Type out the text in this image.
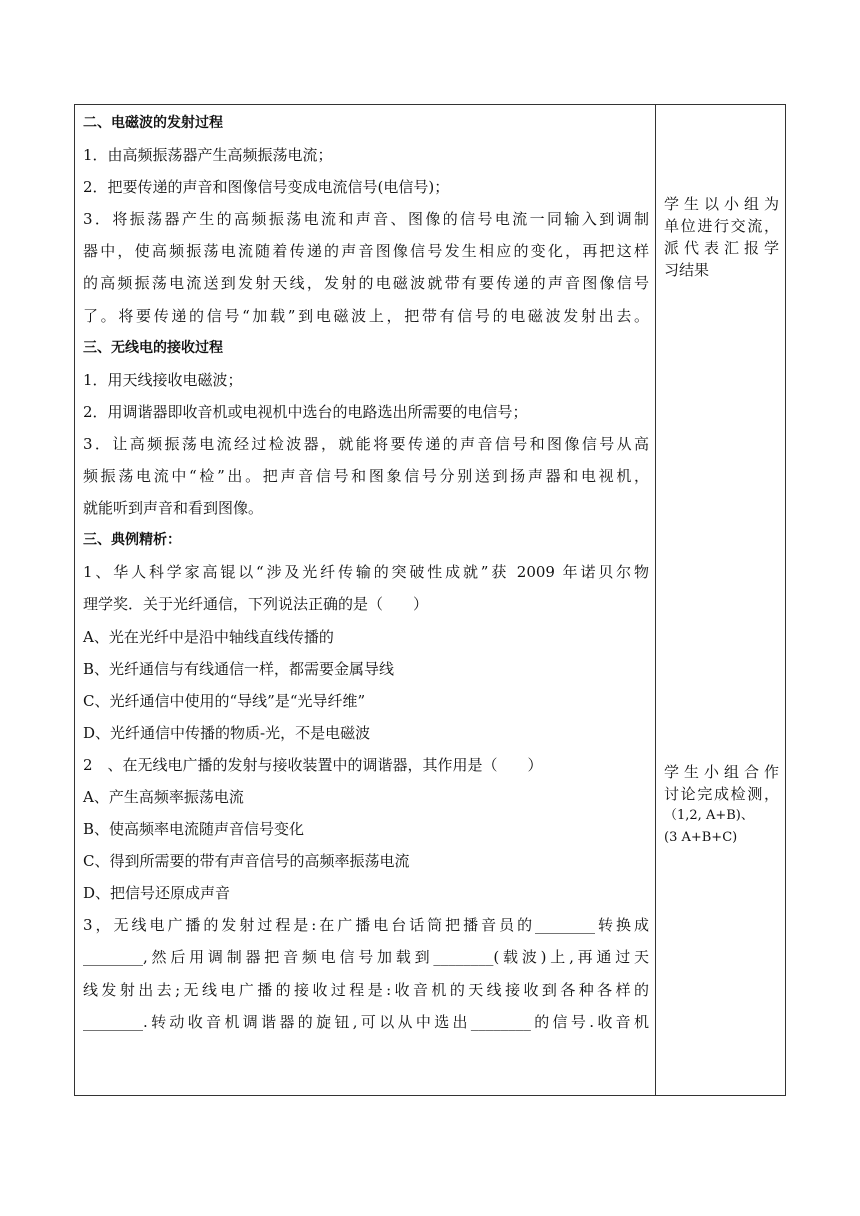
二、电磁波的发射过程
1．由高频振荡器产生高频振荡电流；
2．把要传递的声音和图像信号变成电流信号(电信号)；
3．将振荡器产生的高频振荡电流和声音、图像的信号电流一同输入到调制
器中，使高频振荡电流随着传递的声音图像信号发生相应的变化，再把这样
的高频振荡电流送到发射天线，发射的电磁波就带有要传递的声音图像信号
了。将要传递的信号“加载”到电磁波上，把带有信号的电磁波发射出去。
三、无线电的接收过程
1．用天线接收电磁波；
2．用调谐器即收音机或电视机中选台的电路选出所需要的电信号；
3．让高频振荡电流经过检波器，就能将要传递的声音信号和图像信号从高
频振荡电流中“检”出。把声音信号和图象信号分别送到扬声器和电视机，
就能听到声音和看到图像。
三、典例精析：
1、华人科学家高锟以“涉及光纤传输的突破性成就”获 2009 年诺贝尔物
理学奖．关于光纤通信，下列说法正确的是（　　）
A、光在光纤中是沿中轴线直线传播的
B、光纤通信与有线通信一样，都需要金属导线
C、光纤通信中使用的“导线”是“光导纤维”
D、光纤通信中传播的物质-光，不是电磁波
2　、在无线电广播的发射与接收装置中的调谐器，其作用是（　　）
A、产生高频率振荡电流
B、使高频率电流随声音信号变化
C、得到所需要的带有声音信号的高频率振荡电流
D、把信号还原成声音
3，无线电广播的发射过程是:在广播电台话筒把播音员的________转换成
________,然后用调制器把音频电信号加载到________(载波)上,再通过天
线发射出去;无线电广播的接收过程是:收音机的天线接收到各种各样的
________.转动收音机调谐器的旋钮,可以从中选出________的信号.收音机
学生以小组为
单位进行交流，
派代表汇报学
习结果
学生小组合作
讨论完成检测，
（1,2, A+B)、
(3 A+B+C)
